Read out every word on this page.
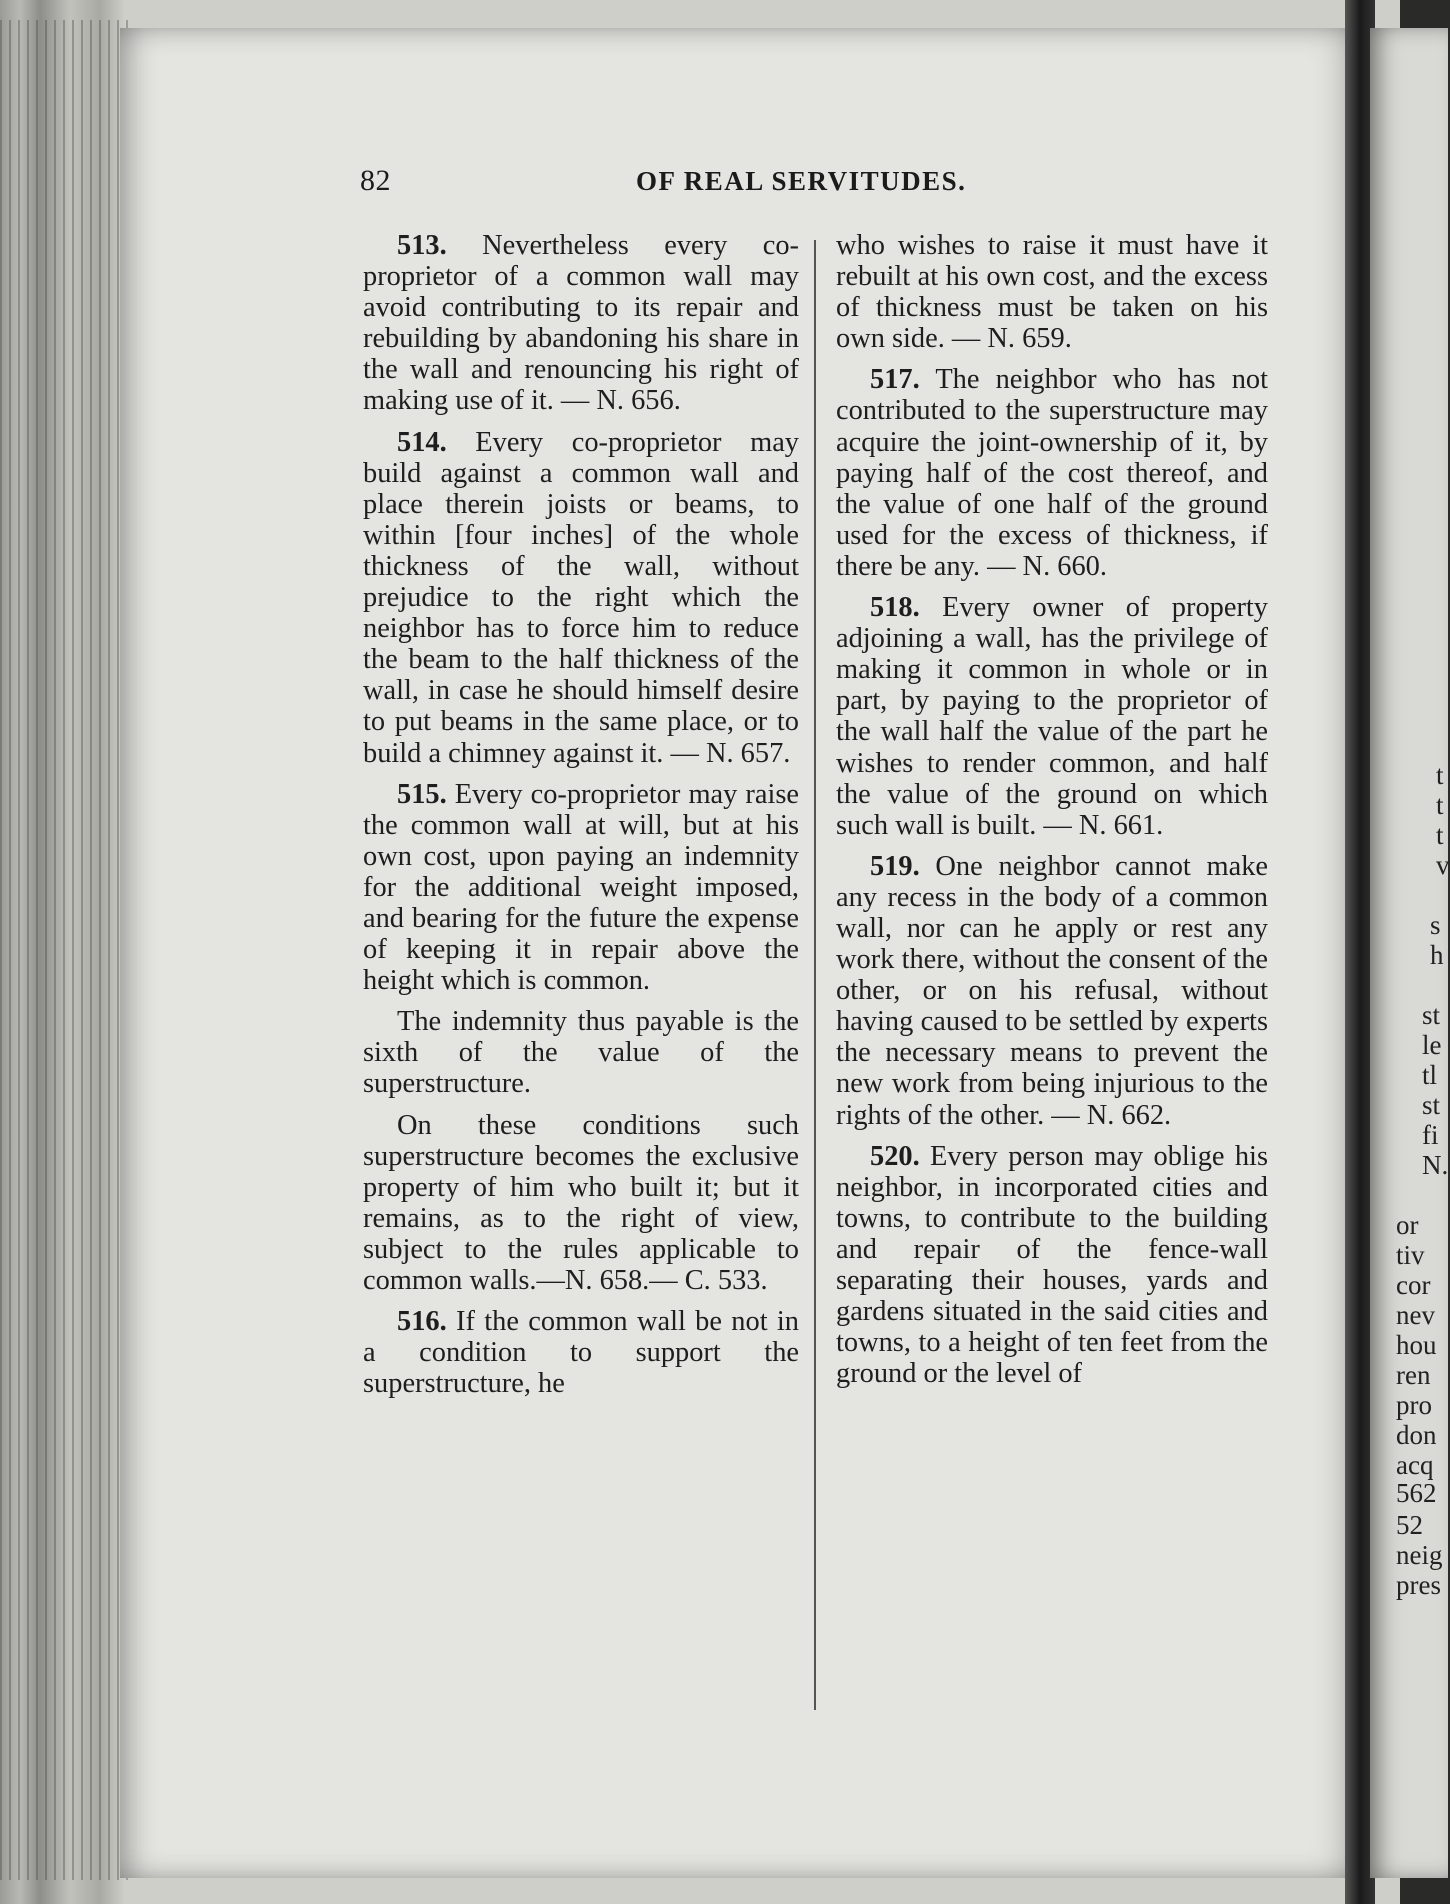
t
t
t
v
s
h
st
le
tl
st
fi
N.
or
tiv
cor
nev
hou
ren
pro
don
acq
562
52
neig
pres
82	OF REAL SERVITUDES.

513. Nevertheless every co-proprietor of a common wall may avoid contributing to its repair and rebuilding by abandoning his share in the wall and renouncing his right of making use of it. — N. 656.

514. Every co-proprietor may build against a common wall and place therein joists or beams, to within [four inches] of the whole thickness of the wall, without prejudice to the right which the neighbor has to force him to reduce the beam to the half thickness of the wall, in case he should himself desire to put beams in the same place, or to build a chimney against it. — N. 657.

515. Every co-proprietor may raise the common wall at will, but at his own cost, upon paying an indemnity for the additional weight imposed, and bearing for the future the expense of keeping it in repair above the height which is common.

The indemnity thus payable is the sixth of the value of the superstructure.

On these conditions such superstructure becomes the exclusive property of him who built it; but it remains, as to the right of view, subject to the rules applicable to common walls.—N. 658.— C. 533.

516. If the common wall be not in a condition to support the superstructure, he

who wishes to raise it must have it rebuilt at his own cost, and the excess of thickness must be taken on his own side. — N. 659.

517. The neighbor who has not contributed to the superstructure may acquire the joint-ownership of it, by paying half of the cost thereof, and the value of one half of the ground used for the excess of thickness, if there be any. — N. 660.

518. Every owner of property adjoining a wall, has the privilege of making it common in whole or in part, by paying to the proprietor of the wall half the value of the part he wishes to render common, and half the value of the ground on which such wall is built. — N. 661.

519. One neighbor cannot make any recess in the body of a common wall, nor can he apply or rest any work there, without the consent of the other, or on his refusal, without having caused to be settled by experts the necessary means to prevent the new work from being injurious to the rights of the other. — N. 662.

520. Every person may oblige his neighbor, in incorporated cities and towns, to contribute to the building and repair of the fence-wall separating their houses, yards and gardens situated in the said cities and towns, to a height of ten feet from the ground or the level of
